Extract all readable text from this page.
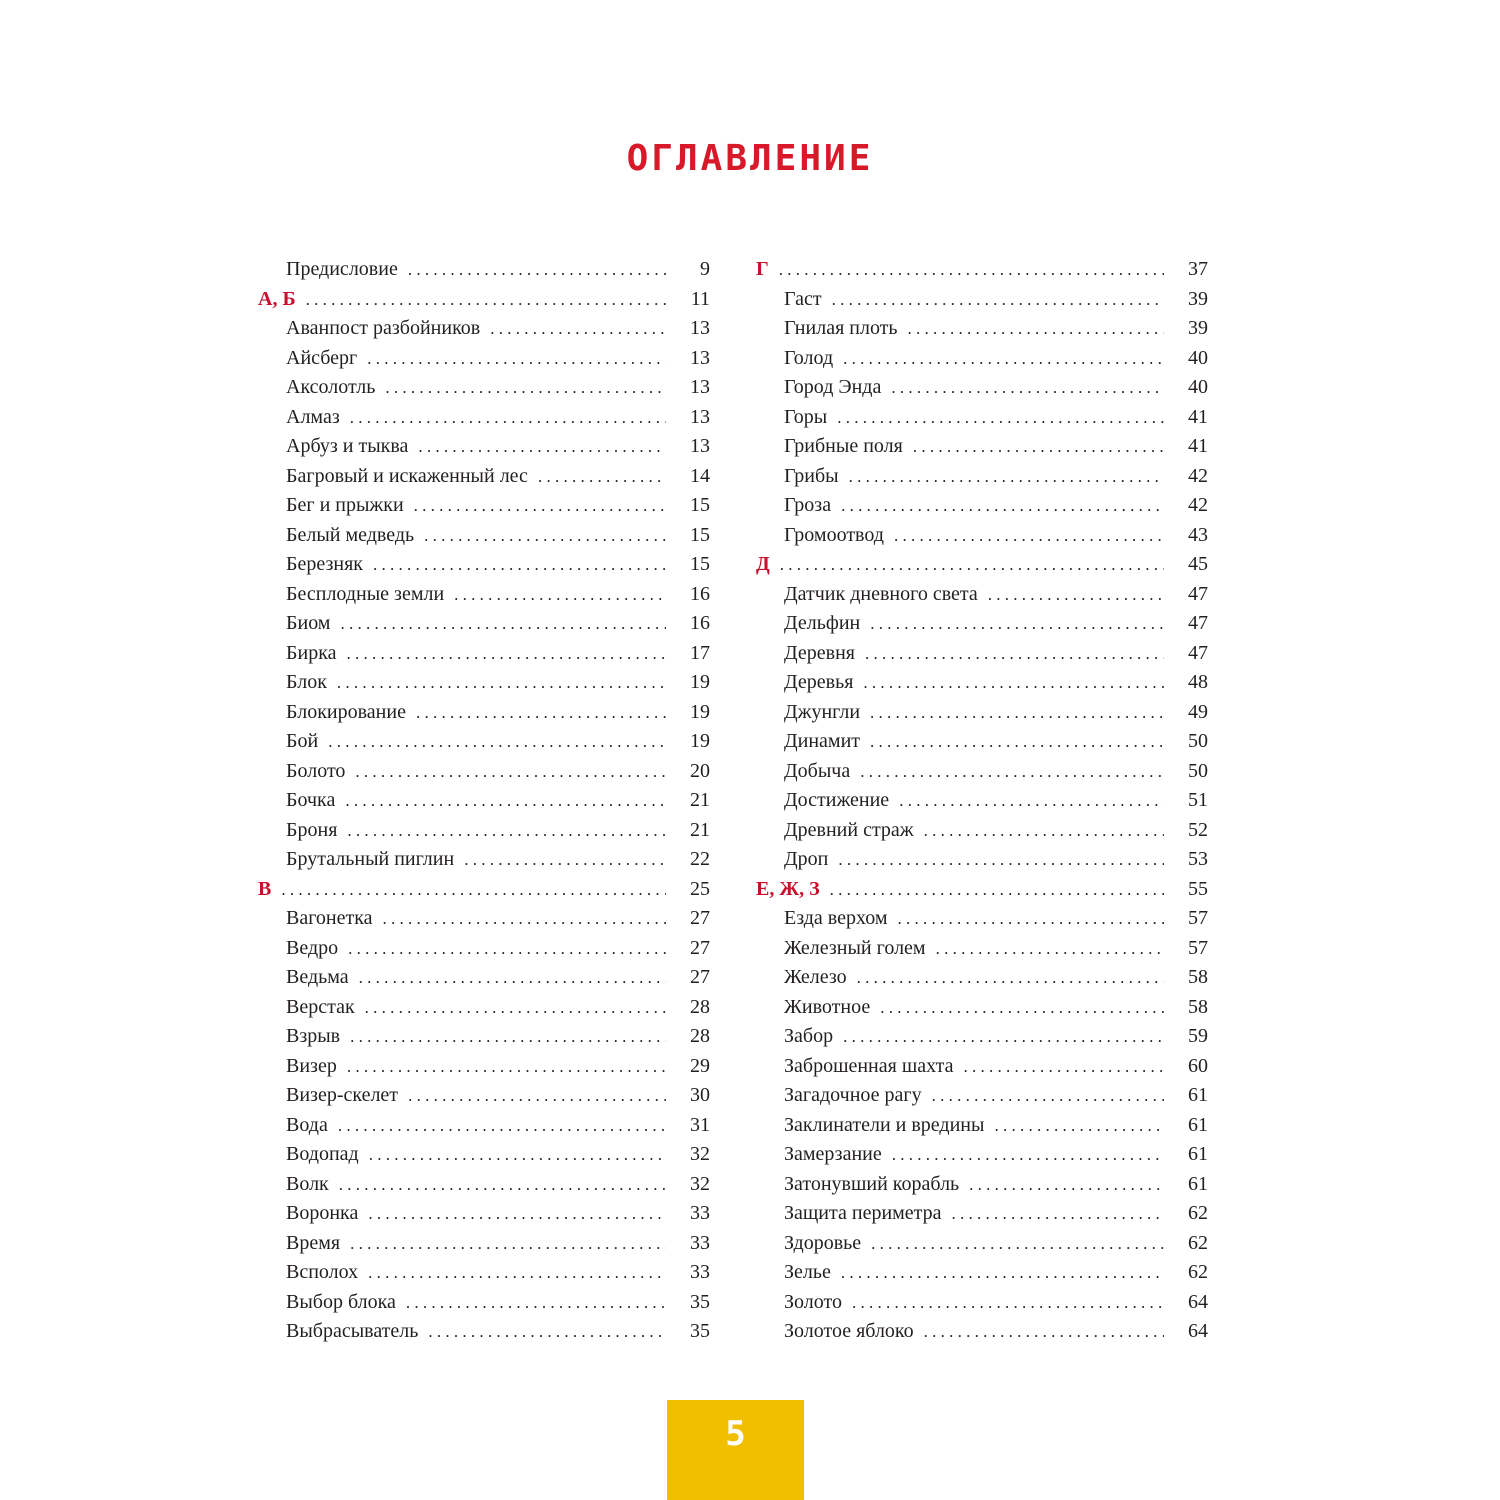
ОГЛАВЛЕНИЕ
Предисловие . . .	9
А, Б . . .	11
Аванпост разбойников . . .	13
Айсберг . . .	13
Аксолотль . . .	13
Алмаз . . .	13
Арбуз и тыква . . .	13
Багровый и искаженный лес . . .	14
Бег и прыжки . . .	15
Белый медведь . . .	15
Березняк . . .	15
Бесплодные земли . . .	16
Биом . . .	16
Бирка . . .	17
Блок . . .	19
Блокирование . . .	19
Бой . . .	19
Болото . . .	20
Бочка . . .	21
Броня . . .	21
Брутальный пиглин . . .	22
В . . .	25
Вагонетка . . .	27
Ведро . . .	27
Ведьма . . .	27
Верстак . . .	28
Взрыв . . .	28
Визер . . .	29
Визер-скелет . . .	30
Вода . . .	31
Водопад . . .	32
Волк . . .	32
Воронка . . .	33
Время . . .	33
Всполох . . .	33
Выбор блока . . .	35
Выбрасыватель . . .	35
Г . . .	37
Гаст . . .	39
Гнилая плоть . . .	39
Голод . . .	40
Город Энда . . .	40
Горы . . .	41
Грибные поля . . .	41
Грибы . . .	42
Гроза . . .	42
Громоотвод . . .	43
Д . . .	45
Датчик дневного света . . .	47
Дельфин . . .	47
Деревня . . .	47
Деревья . . .	48
Джунгли . . .	49
Динамит . . .	50
Добыча . . .	50
Достижение . . .	51
Древний страж . . .	52
Дроп . . .	53
Е, Ж, З . . .	55
Езда верхом . . .	57
Железный голем . . .	57
Железо . . .	58
Животное . . .	58
Забор . . .	59
Заброшенная шахта . . .	60
Загадочное рагу . . .	61
Заклинатели и вредины . . .	61
Замерзание . . .	61
Затонувший корабль . . .	61
Защита периметра . . .	62
Здоровье . . .	62
Зелье . . .	62
Золото . . .	64
Золотое яблоко . . .	64
5
